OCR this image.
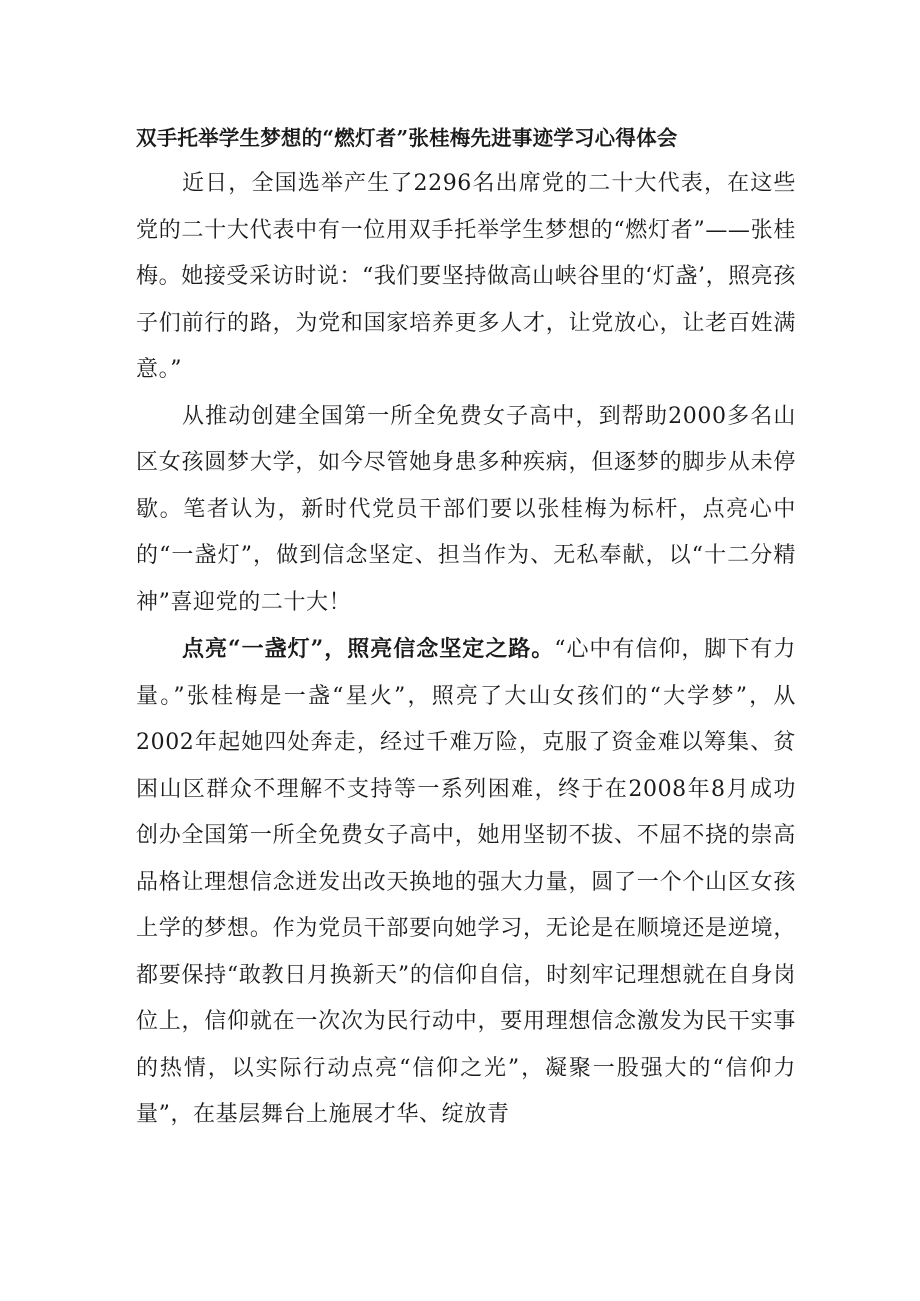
双手托举学生梦想的“燃灯者”张桂梅先进事迹学习心得体会

近日，全国选举产生了2296名出席党的二十大代表，在这些党的二十大代表中有一位用双手托举学生梦想的“燃灯者”——张桂梅。她接受采访时说：“我们要坚持做高山峡谷里的‘灯盏’，照亮孩子们前行的路，为党和国家培养更多人才，让党放心，让老百姓满意。”

从推动创建全国第一所全免费女子高中，到帮助2000多名山区女孩圆梦大学，如今尽管她身患多种疾病，但逐梦的脚步从未停歇。笔者认为，新时代党员干部们要以张桂梅为标杆，点亮心中的“一盏灯”，做到信念坚定、担当作为、无私奉献，以“十二分精神”喜迎党的二十大！

点亮“一盏灯”，照亮信念坚定之路。“心中有信仰，脚下有力量。”张桂梅是一盏“星火”，照亮了大山女孩们的“大学梦”，从2002年起她四处奔走，经过千难万险，克服了资金难以筹集、贫困山区群众不理解不支持等一系列困难，终于在2008年8月成功创办全国第一所全免费女子高中，她用坚韧不拔、不屈不挠的崇高品格让理想信念迸发出改天换地的强大力量，圆了一个个山区女孩上学的梦想。作为党员干部要向她学习，无论是在顺境还是逆境，都要保持“敢教日月换新天”的信仰自信，时刻牢记理想就在自身岗位上，信仰就在一次次为民行动中，要用理想信念激发为民干实事的热情，以实际行动点亮“信仰之光”，凝聚一股强大的“信仰力量”，在基层舞台上施展才华、绽放青
